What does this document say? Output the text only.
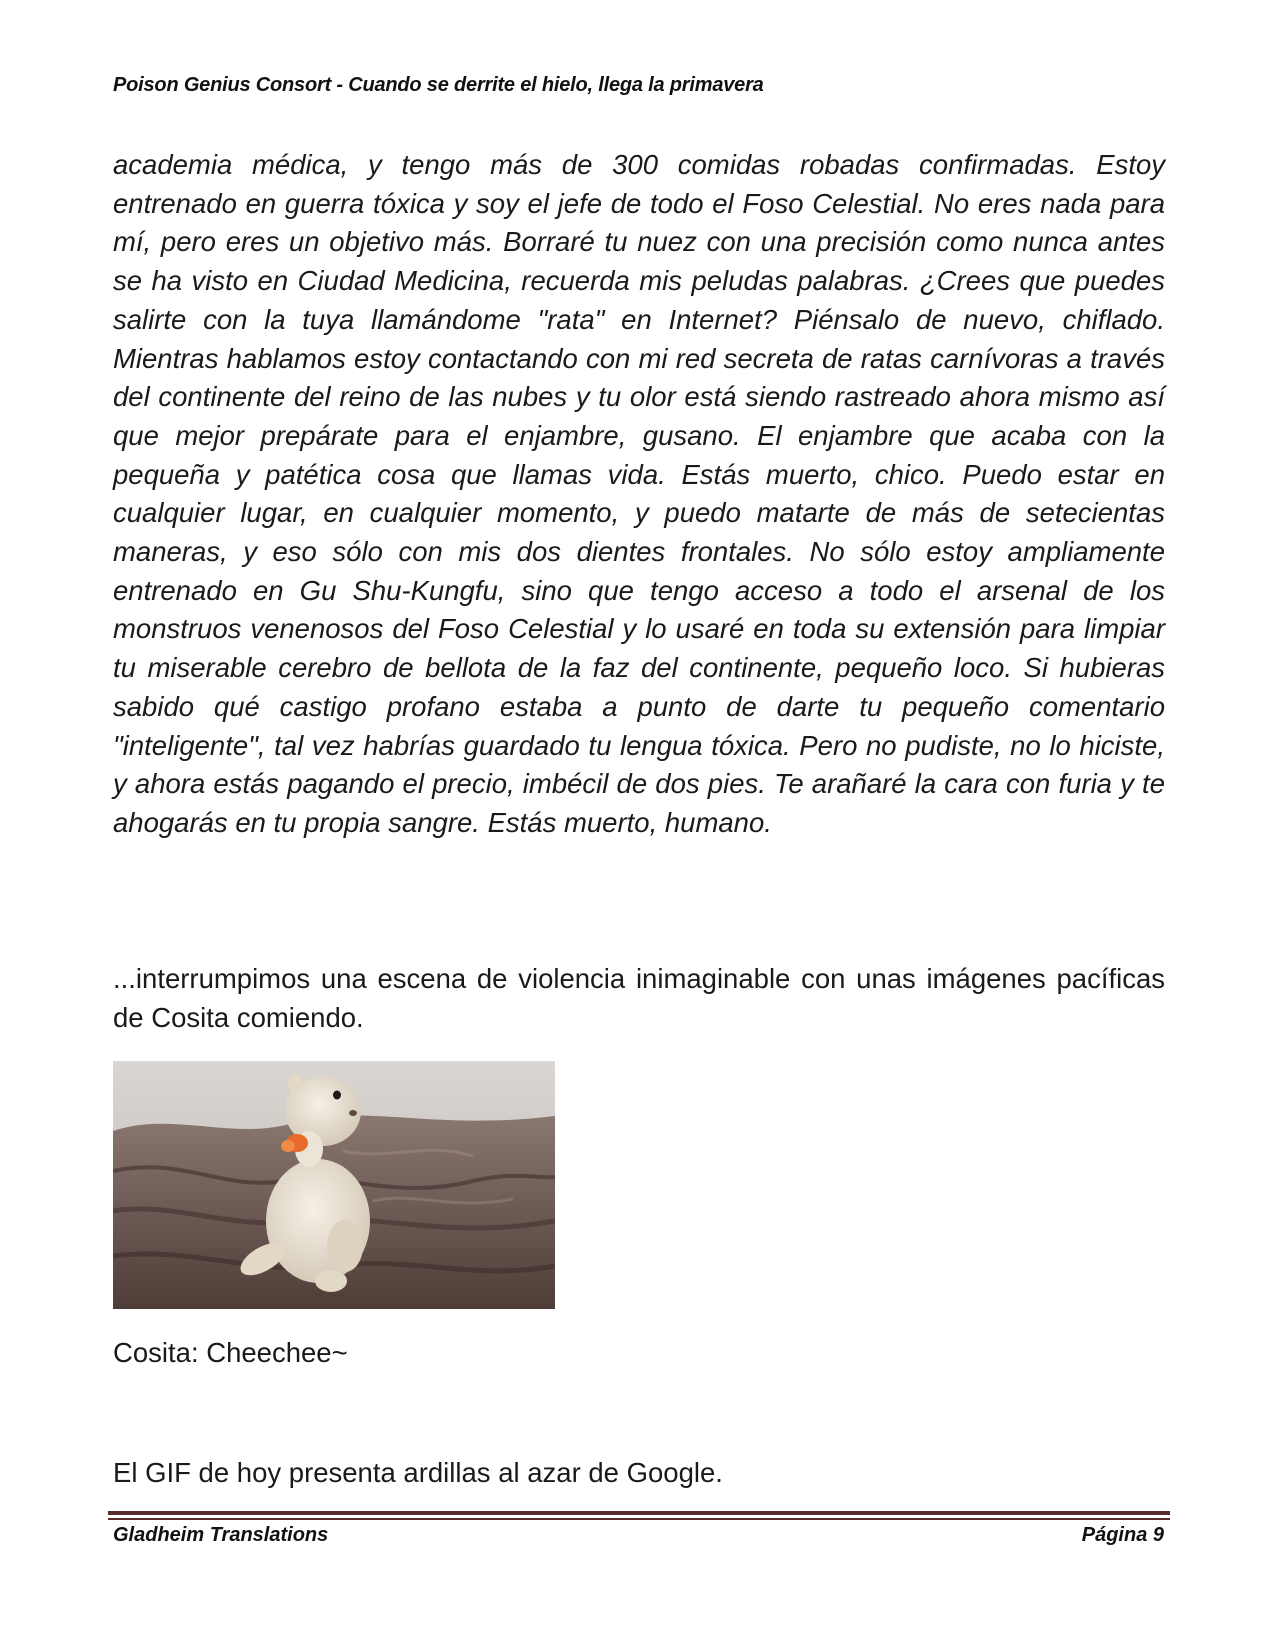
Poison Genius Consort - Cuando se derrite el hielo, llega la primavera

academia médica, y tengo más de 300 comidas robadas confirmadas. Estoy entrenado en guerra tóxica y soy el jefe de todo el Foso Celestial. No eres nada para mí, pero eres un objetivo más. Borraré tu nuez con una precisión como nunca antes se ha visto en Ciudad Medicina, recuerda mis peludas palabras. ¿Crees que puedes salirte con la tuya llamándome "rata" en Internet? Piénsalo de nuevo, chiflado. Mientras hablamos estoy contactando con mi red secreta de ratas carnívoras a través del continente del reino de las nubes y tu olor está siendo rastreado ahora mismo así que mejor prepárate para el enjambre, gusano. El enjambre que acaba con la pequeña y patética cosa que llamas vida. Estás muerto, chico. Puedo estar en cualquier lugar, en cualquier momento, y puedo matarte de más de setecientas maneras, y eso sólo con mis dos dientes frontales. No sólo estoy ampliamente entrenado en Gu Shu-Kungfu, sino que tengo acceso a todo el arsenal de los monstruos venenosos del Foso Celestial y lo usaré en toda su extensión para limpiar tu miserable cerebro de bellota de la faz del continente, pequeño loco. Si hubieras sabido qué castigo profano estaba a punto de darte tu pequeño comentario "inteligente", tal vez habrías guardado tu lengua tóxica. Pero no pudiste, no lo hiciste, y ahora estás pagando el precio, imbécil de dos pies. Te arañaré la cara con furia y te ahogarás en tu propia sangre. Estás muerto, humano.

...interrumpimos una escena de violencia inimaginable con unas imágenes pacíficas de Cosita comiendo.

Cosita: Cheechee~

El GIF de hoy presenta ardillas al azar de Google.

Gladheim Translations	Página 9
